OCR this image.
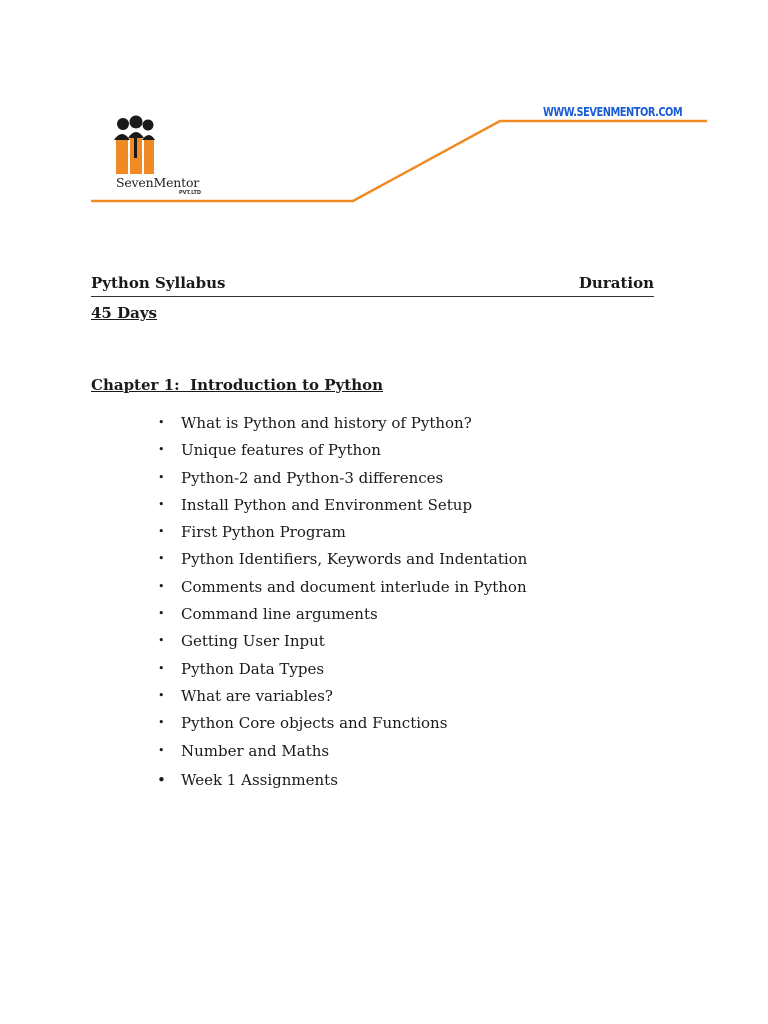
SevenMentor
PVT.LTD
WWW.SEVENMENTOR.COM
Python Syllabus	Duration
45 Days
Chapter 1:  Introduction to Python
• What is Python and history of Python?
• Unique features of Python
• Python-2 and Python-3 differences
• Install Python and Environment Setup
• First Python Program
• Python Identifiers, Keywords and Indentation
• Comments and document interlude in Python
• Command line arguments
• Getting User Input
• Python Data Types
• What are variables?
• Python Core objects and Functions
• Number and Maths
• Week 1 Assignments
